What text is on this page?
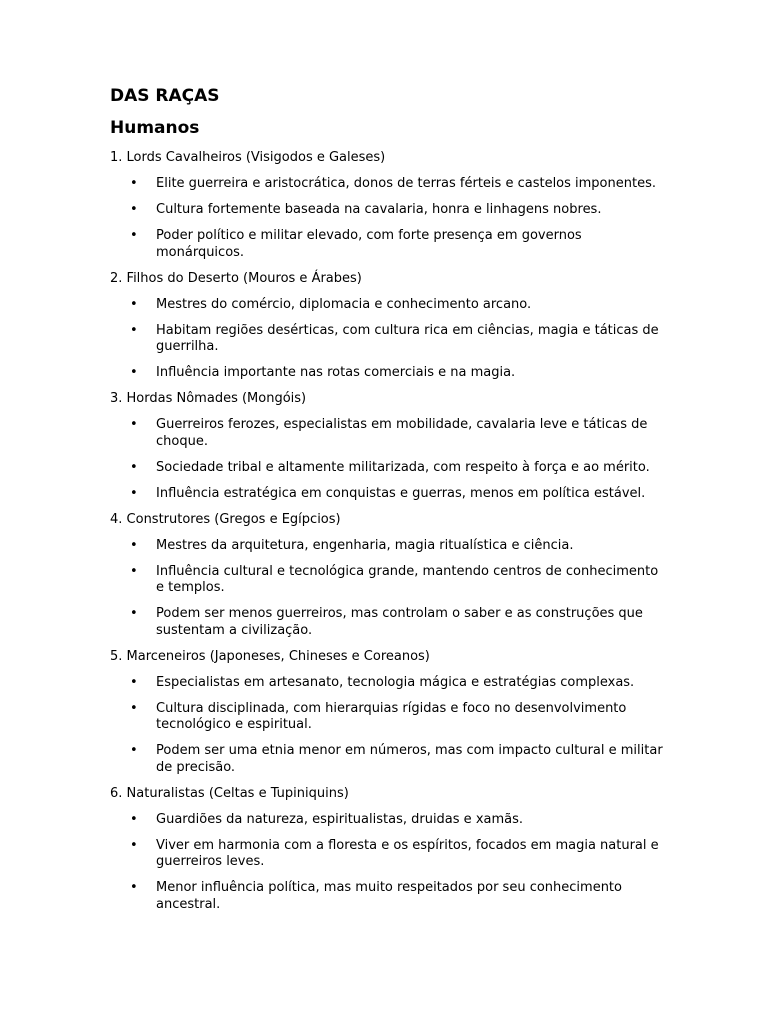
DAS RAÇAS
Humanos

1. Lords Cavalheiros (Visigodos e Galeses)

• Elite guerreira e aristocrática, donos de terras férteis e castelos imponentes.
• Cultura fortemente baseada na cavalaria, honra e linhagens nobres.
• Poder político e militar elevado, com forte presença em governos monárquicos.

2. Filhos do Deserto (Mouros e Árabes)

• Mestres do comércio, diplomacia e conhecimento arcano.
• Habitam regiões desérticas, com cultura rica em ciências, magia e táticas de guerrilha.
• Influência importante nas rotas comerciais e na magia.

3. Hordas Nômades (Mongóis)

• Guerreiros ferozes, especialistas em mobilidade, cavalaria leve e táticas de choque.
• Sociedade tribal e altamente militarizada, com respeito à força e ao mérito.
• Influência estratégica em conquistas e guerras, menos em política estável.

4. Construtores (Gregos e Egípcios)

• Mestres da arquitetura, engenharia, magia ritualística e ciência.
• Influência cultural e tecnológica grande, mantendo centros de conhecimento e templos.
• Podem ser menos guerreiros, mas controlam o saber e as construções que sustentam a civilização.

5. Marceneiros (Japoneses, Chineses e Coreanos)

• Especialistas em artesanato, tecnologia mágica e estratégias complexas.
• Cultura disciplinada, com hierarquias rígidas e foco no desenvolvimento tecnológico e espiritual.
• Podem ser uma etnia menor em números, mas com impacto cultural e militar de precisão.

6. Naturalistas (Celtas e Tupiniquins)

• Guardiões da natureza, espiritualistas, druidas e xamãs.
• Viver em harmonia com a floresta e os espíritos, focados em magia natural e guerreiros leves.
• Menor influência política, mas muito respeitados por seu conhecimento ancestral.
